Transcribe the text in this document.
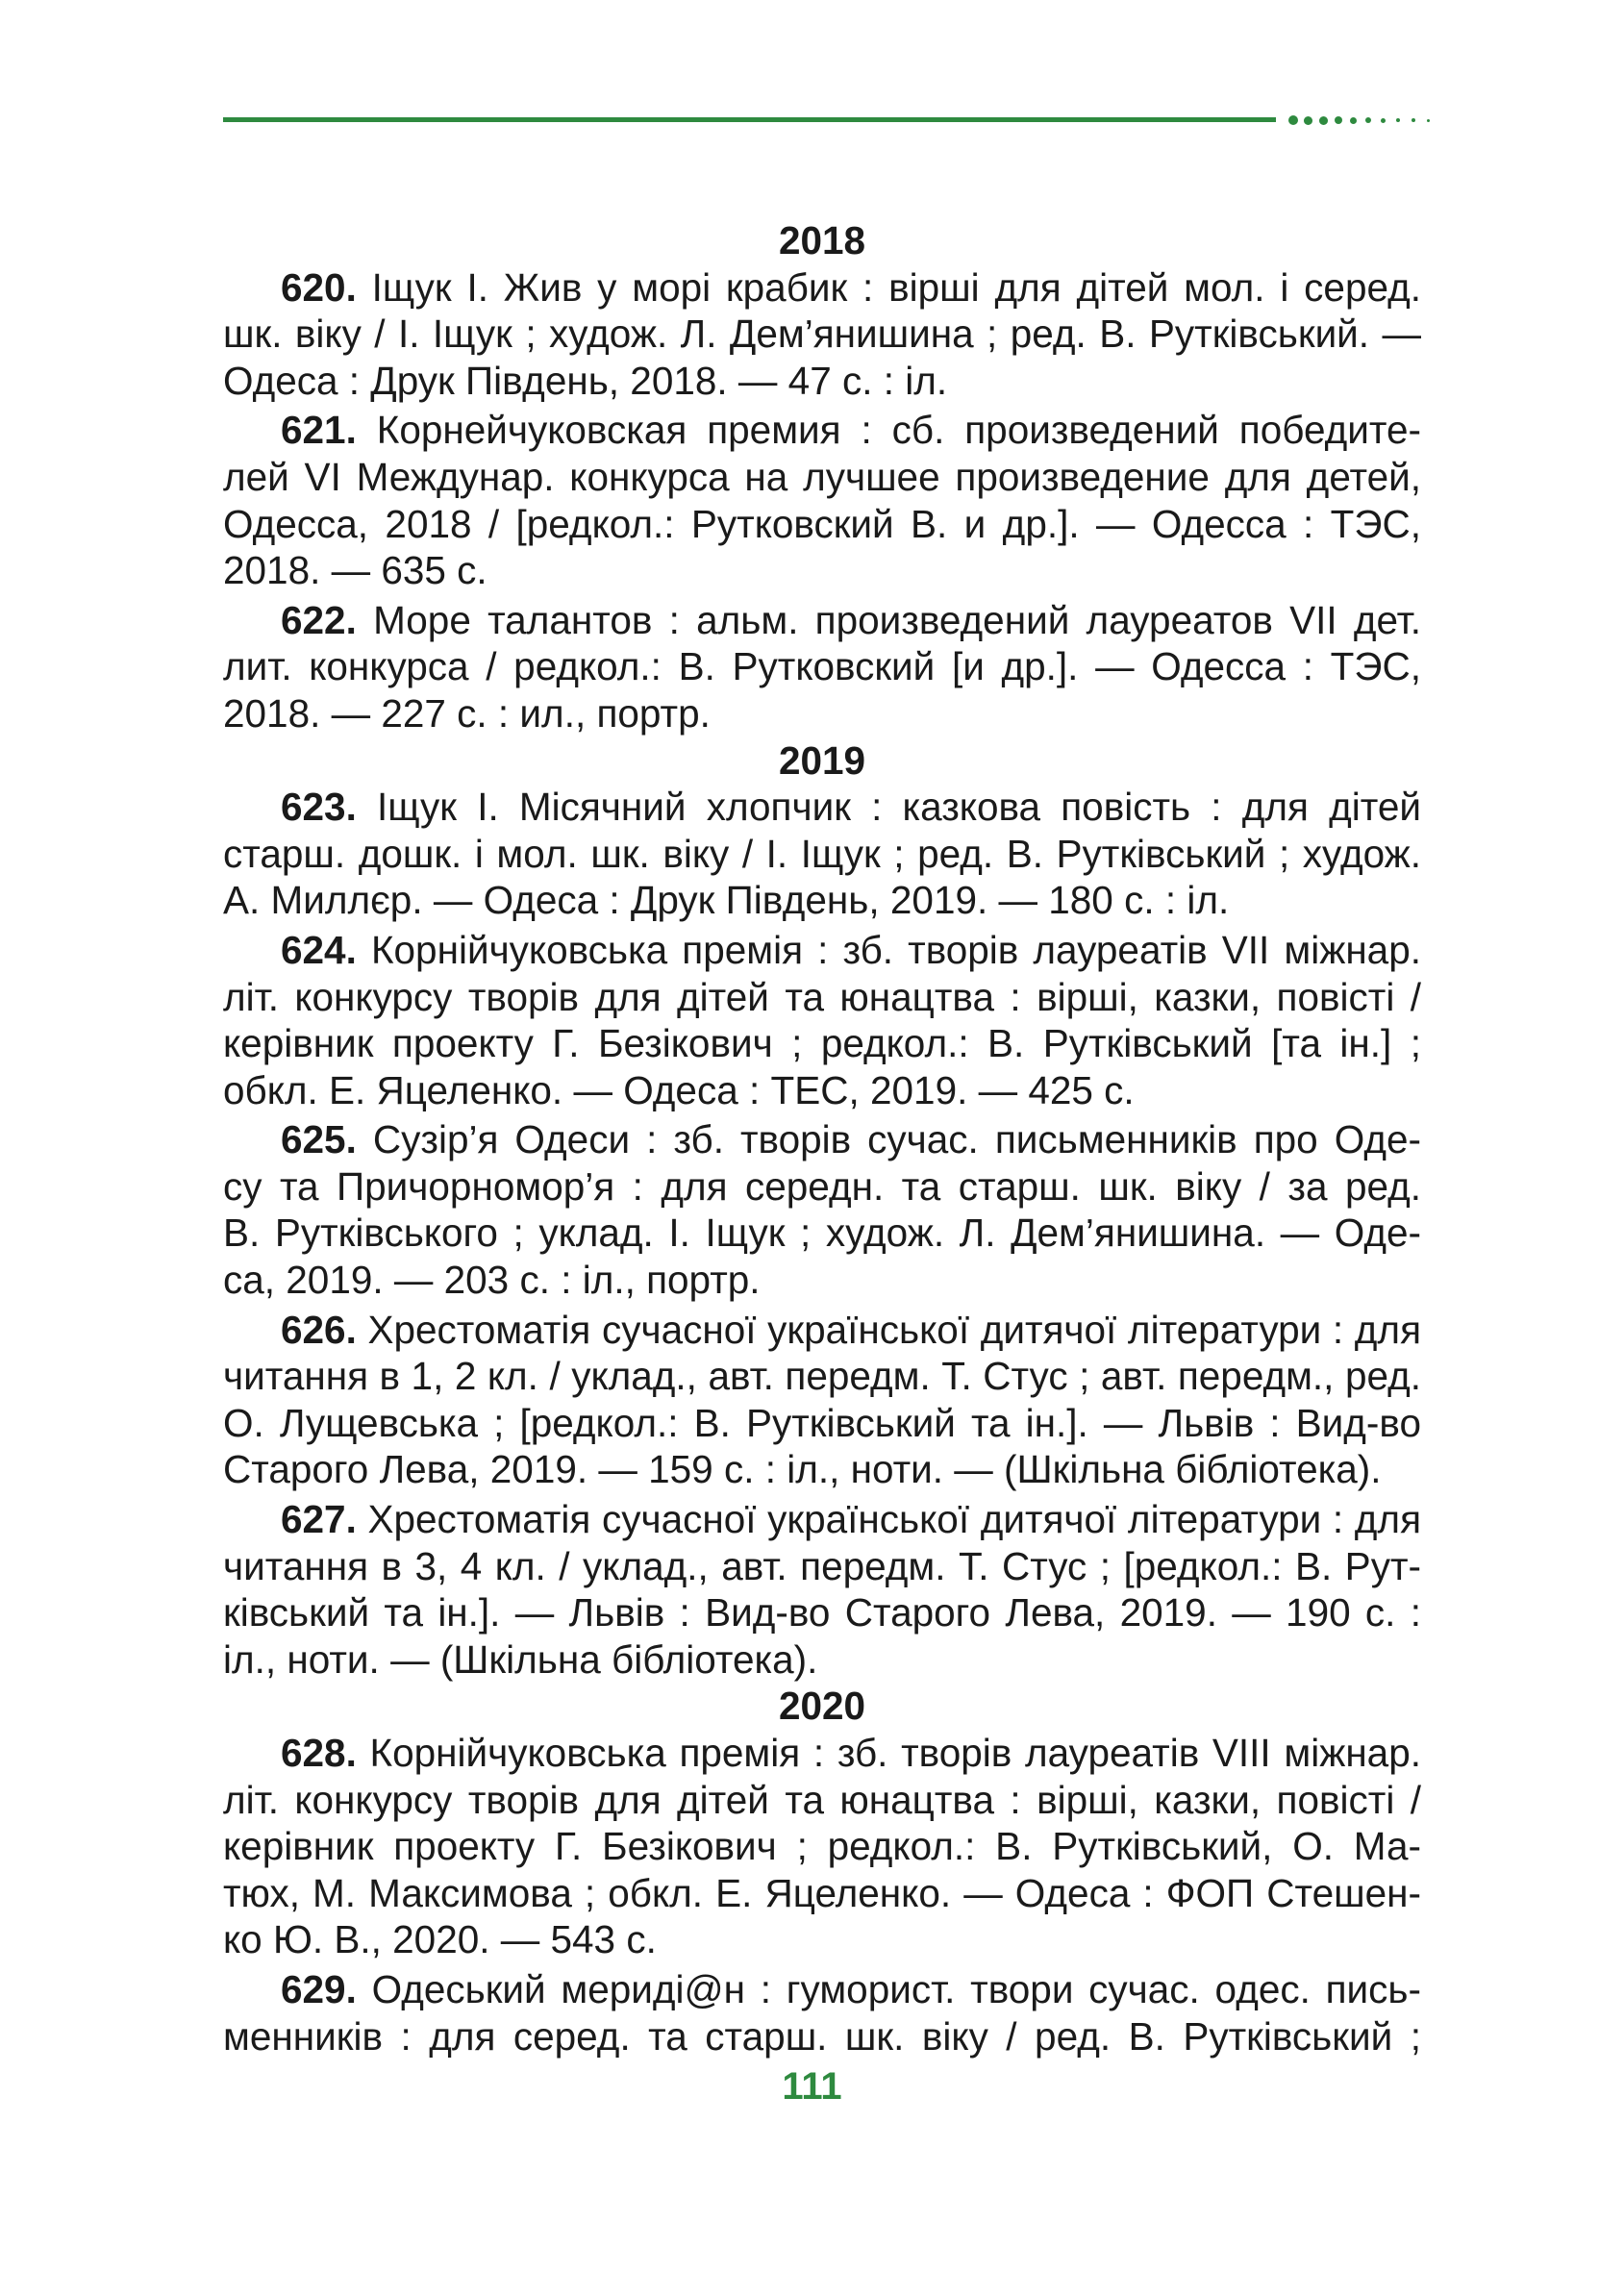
2018
620. Іщук І. Жив у морі крабик : вірші для дітей мол. і серед.
шк. віку / І. Іщук ; худож. Л. Дем’янишина ; ред. В. Рутківський. —
Одеса : Друк Південь, 2018. — 47 с. : іл.
621. Корнейчуковская премия : сб. произведений победите-
лей VI Междунар. конкурса на лучшее произведение для детей,
Одесса, 2018 / [редкол.: Рутковский В. и др.]. — Одесса : ТЭС,
2018. — 635 с.
622. Море талантов : альм. произведений лауреатов VII дет.
лит. конкурса / редкол.: В. Рутковский [и др.]. — Одесса : ТЭС,
2018. — 227 с. : ил., портр.
2019
623. Іщук І. Місячний хлопчик : казкова повість : для дітей
старш. дошк. і мол. шк. віку / І. Іщук ; ред. В. Рутківський ; худож.
А. Миллєр. — Одеса : Друк Південь, 2019. — 180 с. : іл.
624. Корнійчуковська премія : зб. творів лауреатів VII міжнар.
літ. конкурсу творів для дітей та юнацтва : вірші, казки, повісті /
керівник проекту Г. Безікович ; редкол.: В. Рутківський [та ін.] ;
обкл. Е. Яцеленко. — Одеса : ТЕС, 2019. — 425 с.
625. Сузір’я Одеси : зб. творів сучас. письменників про Оде-
су та Причорномор’я : для середн. та старш. шк. віку / за ред.
В. Рутківського ; уклад. І. Іщук ; худож. Л. Дем’янишина. — Оде-
са, 2019. — 203 с. : іл., портр.
626. Хрестоматія сучасної української дитячої літератури : для
читання в 1, 2 кл. / уклад., авт. передм. Т. Стус ; авт. передм., ред.
О. Лущевська ; [редкол.: В. Рутківський та ін.]. — Львів : Вид-во
Старого Лева, 2019. — 159 с. : іл., ноти. — (Шкільна бібліотека).
627. Хрестоматія сучасної української дитячої літератури : для
читання в 3, 4 кл. / уклад., авт. передм. Т. Стус ; [редкол.: В. Рут-
ківський та ін.]. — Львів : Вид-во Старого Лева, 2019. — 190 с. :
іл., ноти. — (Шкільна бібліотека).
2020
628. Корнійчуковська премія : зб. творів лауреатів VIII міжнар.
літ. конкурсу творів для дітей та юнацтва : вірші, казки, повісті /
керівник проекту Г. Безікович ; редкол.: В. Рутківський, О. Ма-
тюх, М. Максимова ; обкл. Е. Яцеленко. — Одеса : ФОП Стешен-
ко Ю. В., 2020. — 543 с.
629. Одеський мериді@н : гуморист. твори сучас. одес. пись-
менників : для серед. та старш. шк. віку / ред. В. Рутківський ;
111
